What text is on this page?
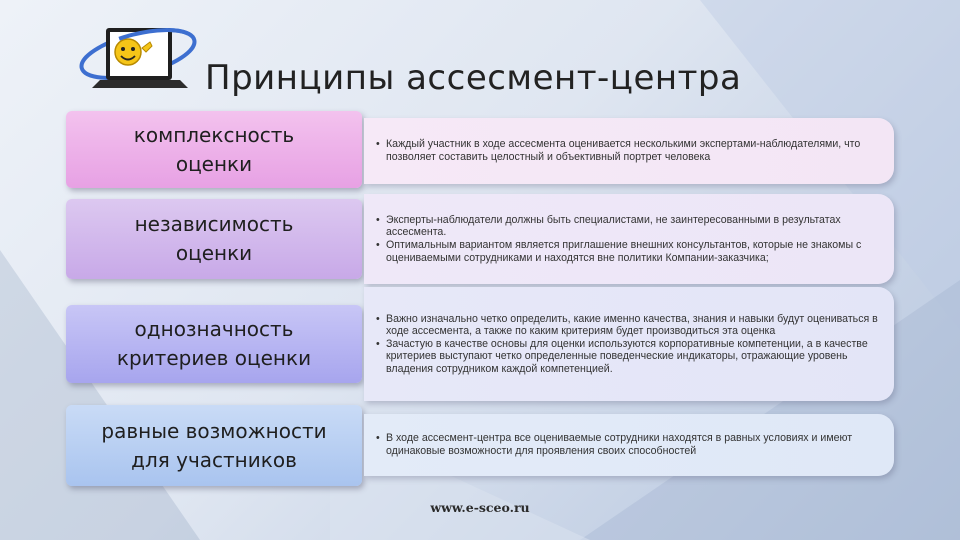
Принципы ассесмент-центра
комплексность
оценки
• Каждый участник в ходе ассесмента оценивается несколькими экспертами-наблюдателями, что позволяет составить целостный и объективный портрет человека
независимость
оценки
• Эксперты-наблюдатели должны быть специалистами, не заинтересованными в результатах ассесмента.
• Оптимальным вариантом является приглашение внешних консультантов, которые не знакомы с оцениваемыми сотрудниками и находятся вне политики Компании-заказчика;
однозначность
критериев оценки
• Важно изначально четко определить, какие именно качества, знания и навыки будут оцениваться в ходе ассесмента, а также по каким критериям будет производиться эта оценка
• Зачастую в качестве основы для оценки используются корпоративные компетенции, а в качестве критериев выступают четко определенные поведенческие индикаторы, отражающие уровень владения сотрудником каждой компетенцией.
равные возможности
для участников
• В ходе ассесмент-центра все оцениваемые сотрудники находятся в равных условиях и имеют одинаковые возможности для проявления своих способностей
www.e-sceo.ru
